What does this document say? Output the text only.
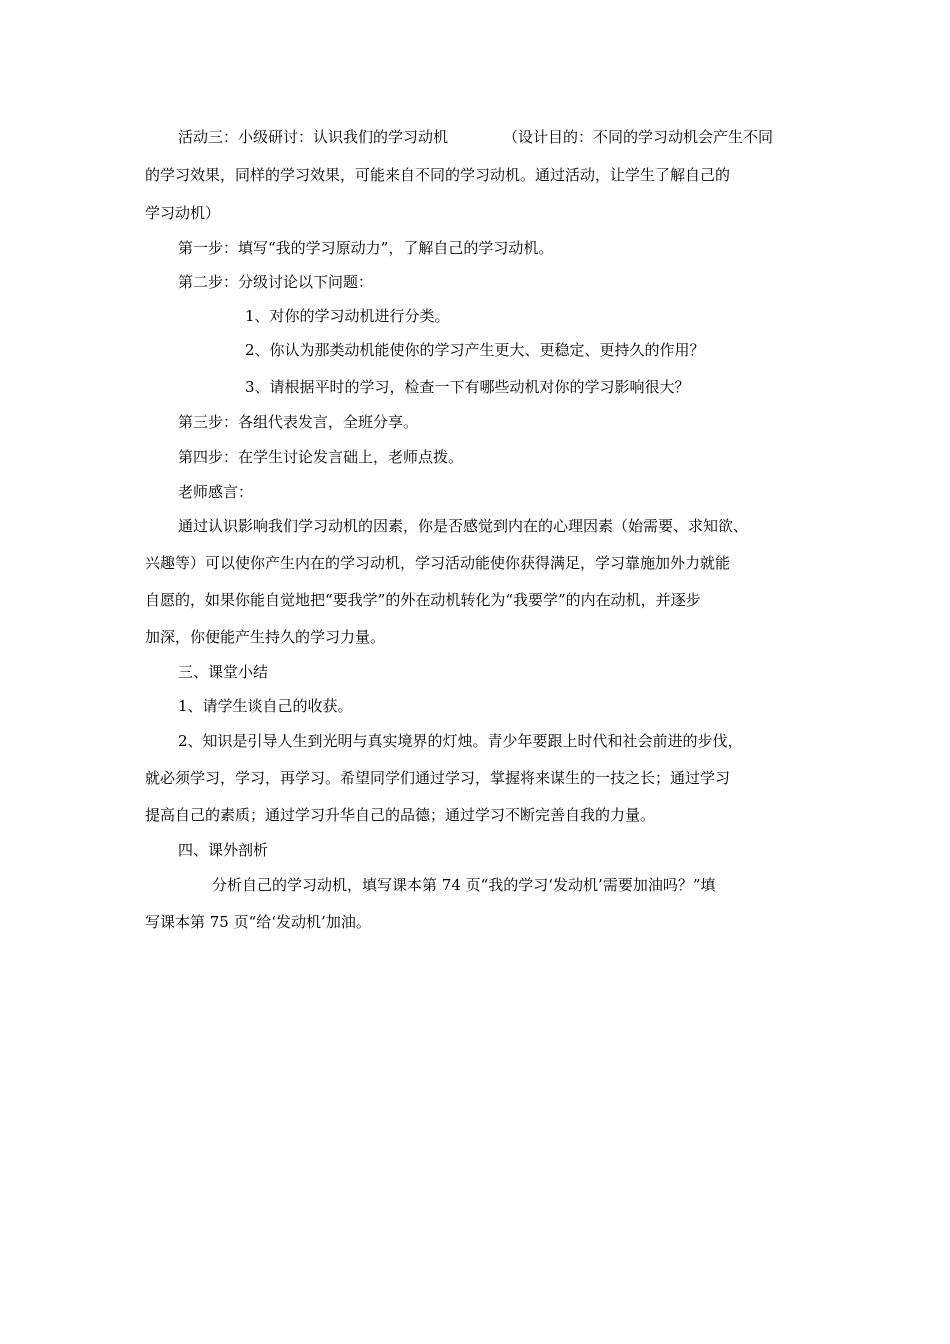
活动三：小级研讨：认识我们的学习动机	（设计目的：不同的学习动机会产生不同
的学习效果，同样的学习效果，可能来自不同的学习动机。通过活动，让学生了解自己的
学习动机）
第一步：填写“我的学习原动力”，了解自己的学习动机。
第二步：分级讨论以下问题：
1、对你的学习动机进行分类。
2、你认为那类动机能使你的学习产生更大、更稳定、更持久的作用？
3、请根据平时的学习，检查一下有哪些动机对你的学习影响很大？
第三步：各组代表发言，全班分享。
第四步：在学生讨论发言础上，老师点拨。
老师感言：
通过认识影响我们学习动机的因素，你是否感觉到内在的心理因素（始需要、求知欲、
兴趣等）可以使你产生内在的学习动机，学习活动能使你获得满足，学习靠施加外力就能
自愿的，如果你能自觉地把“要我学”的外在动机转化为“我要学”的内在动机，并逐步
加深，你便能产生持久的学习力量。
三、课堂小结
1、请学生谈自己的收获。
2、知识是引导人生到光明与真实境界的灯烛。青少年要跟上时代和社会前进的步伐，
就必须学习，学习，再学习。希望同学们通过学习，掌握将来谋生的一技之长；通过学习
提高自己的素质；通过学习升华自己的品德；通过学习不断完善自我的力量。
四、课外剖析
分析自己的学习动机，填写课本第 74 页“我的学习‘发动机’需要加油吗？”填
写课本第 75 页“给‘发动机’加油。
